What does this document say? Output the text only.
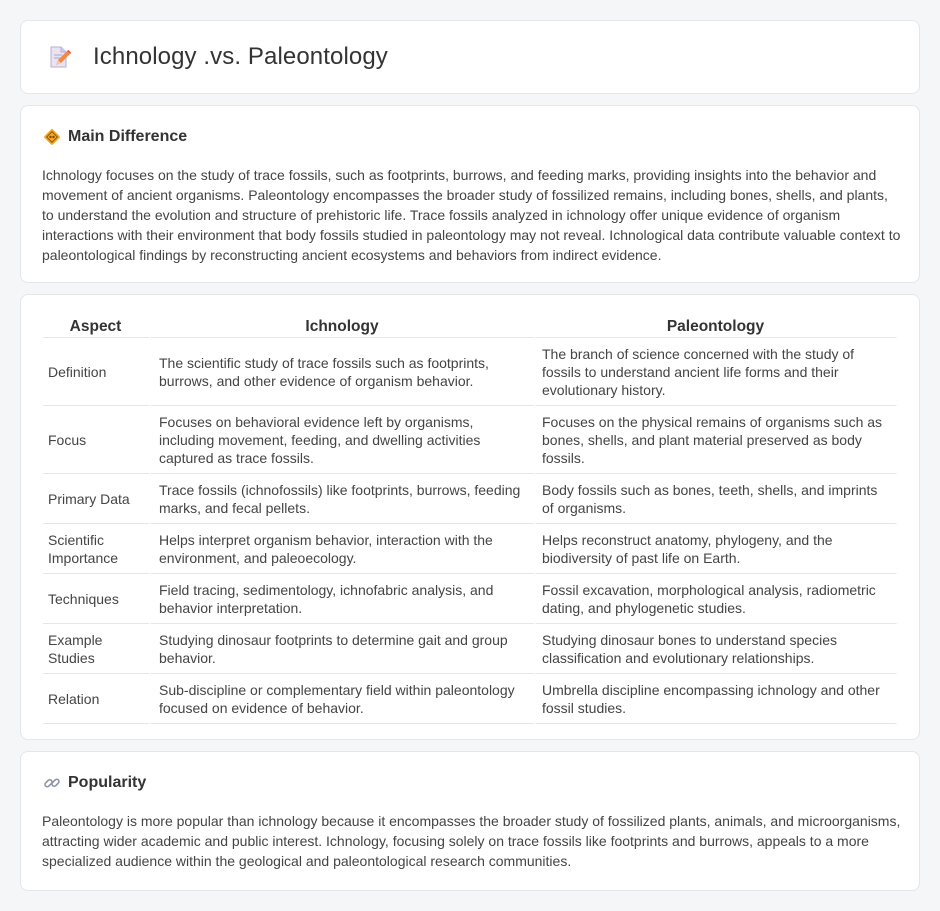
Ichnology .vs. Paleontology
Main Difference

Ichnology focuses on the study of trace fossils, such as footprints, burrows, and feeding marks, providing insights into the behavior and movement of ancient organisms. Paleontology encompasses the broader study of fossilized remains, including bones, shells, and plants, to understand the evolution and structure of prehistoric life. Trace fossils analyzed in ichnology offer unique evidence of organism interactions with their environment that body fossils studied in paleontology may not reveal. Ichnological data contribute valuable context to paleontological findings by reconstructing ancient ecosystems and behaviors from indirect evidence.

Aspect	Ichnology	Paleontology
Definition	The scientific study of trace fossils such as footprints, burrows, and other evidence of organism behavior.	The branch of science concerned with the study of fossils to understand ancient life forms and their evolutionary history.
Focus	Focuses on behavioral evidence left by organisms, including movement, feeding, and dwelling activities captured as trace fossils.	Focuses on the physical remains of organisms such as bones, shells, and plant material preserved as body fossils.
Primary Data	Trace fossils (ichnofossils) like footprints, burrows, feeding marks, and fecal pellets.	Body fossils such as bones, teeth, shells, and imprints of organisms.
Scientific Importance	Helps interpret organism behavior, interaction with the environment, and paleoecology.	Helps reconstruct anatomy, phylogeny, and the biodiversity of past life on Earth.
Techniques	Field tracing, sedimentology, ichnofabric analysis, and behavior interpretation.	Fossil excavation, morphological analysis, radiometric dating, and phylogenetic studies.
Example Studies	Studying dinosaur footprints to determine gait and group behavior.	Studying dinosaur bones to understand species classification and evolutionary relationships.
Relation	Sub-discipline or complementary field within paleontology focused on evidence of behavior.	Umbrella discipline encompassing ichnology and other fossil studies.
Popularity

Paleontology is more popular than ichnology because it encompasses the broader study of fossilized plants, animals, and microorganisms, attracting wider academic and public interest. Ichnology, focusing solely on trace fossils like footprints and burrows, appeals to a more specialized audience within the geological and paleontological research communities.
